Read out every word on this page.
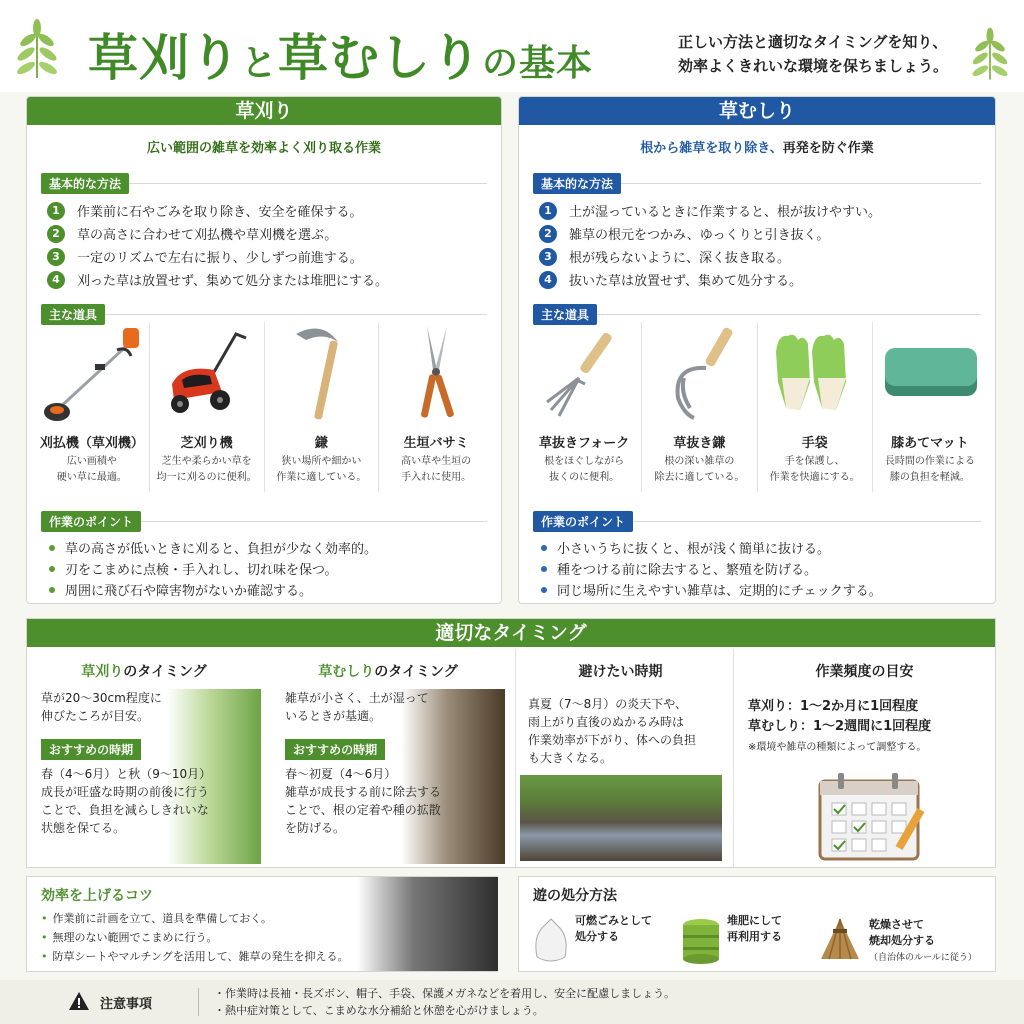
草刈りと草むしりの基本
正しい方法と適切なタイミングを知り、
効率よくきれいな環境を保ちましょう。
草刈り
広い範囲の雑草を効率よく刈り取る作業
基本的な方法
1	作業前に石やごみを取り除き、安全を確保する。
2	草の高さに合わせて刈払機や草刈機を選ぶ。
3	一定のリズムで左右に振り、少しずつ前進する。
4	刈った草は放置せず、集めて処分または堆肥にする。
主な道具
刈払機（草刈機）
広い画積や
硬い草に最適。
芝刈り機
芝生や柔らかい草を
均一に刈るのに便利。
鎌
狭い場所や細かい
作業に適している。
生垣バサミ
高い草や生垣の
手入れに使用。
作業のポイント
草の高さが低いときに刈ると、負担が少なく効率的。
刃をこまめに点検・手入れし、切れ味を保つ。
周囲に飛び石や障害物がないか確認する。
草むしり
根から雑草を取り除き、再発を防ぐ作業
基本的な方法
1	土が湿っているときに作業すると、根が抜けやすい。
2	雑草の根元をつかみ、ゆっくりと引き抜く。
3	根が残らないように、深く抜き取る。
4	抜いた草は放置せず、集めて処分する。
主な道具
草抜きフォーク
根をほぐしながら
抜くのに便利。
草抜き鎌
根の深い雑草の
除去に適している。
手袋
手を保護し、
作業を快適にする。
膝あてマット
長時間の作業による
膝の負担を軽減。
作業のポイント
小さいうちに抜くと、根が浅く簡単に抜ける。
種をつける前に除去すると、繁殖を防げる。
同じ場所に生えやすい雑草は、定期的にチェックする。
適切なタイミング
草刈りのタイミング
草が20〜30cm程度に
伸びたころが目安。
おすすめの時期
春（4〜6月）と秋（9〜10月）
成長が旺盛な時期の前後に行う
ことで、負担を減らしきれいな
状態を保てる。
草むしりのタイミング
雑草が小さく、土が湿って
いるときが基適。
おすすめの時期
春〜初夏（4〜6月）
雑草が成長する前に除去する
ことで、根の定着や種の拡散
を防げる。
避けたい時期
真夏（7〜8月）の炎天下や、
雨上がり直後のぬかるみ時は
作業効率が下がり、体への負担
も大きくなる。
作業頻度の目安
草刈り：1〜2か月に1回程度
草むしり：1〜2週間に1回程度
※環境や雑草の種類によって調整する。
効率を上げるコツ
• 作業前に計画を立て、道具を準備しておく。
• 無理のない範囲でこまめに行う。
• 防草シートやマルチングを活用して、雑草の発生を抑える。
遊の処分方法
可燃ごみとして
処分する
堆肥にして
再利用する
乾燥させて
焼却処分する
（自治体のルールに従う）
注意事項
・作業時は長袖・長ズボン、帽子、手袋、保護メガネなどを着用し、安全に配慮しましょう。
・熱中症対策として、こまめな水分補給と休憩を心がけましょう。
